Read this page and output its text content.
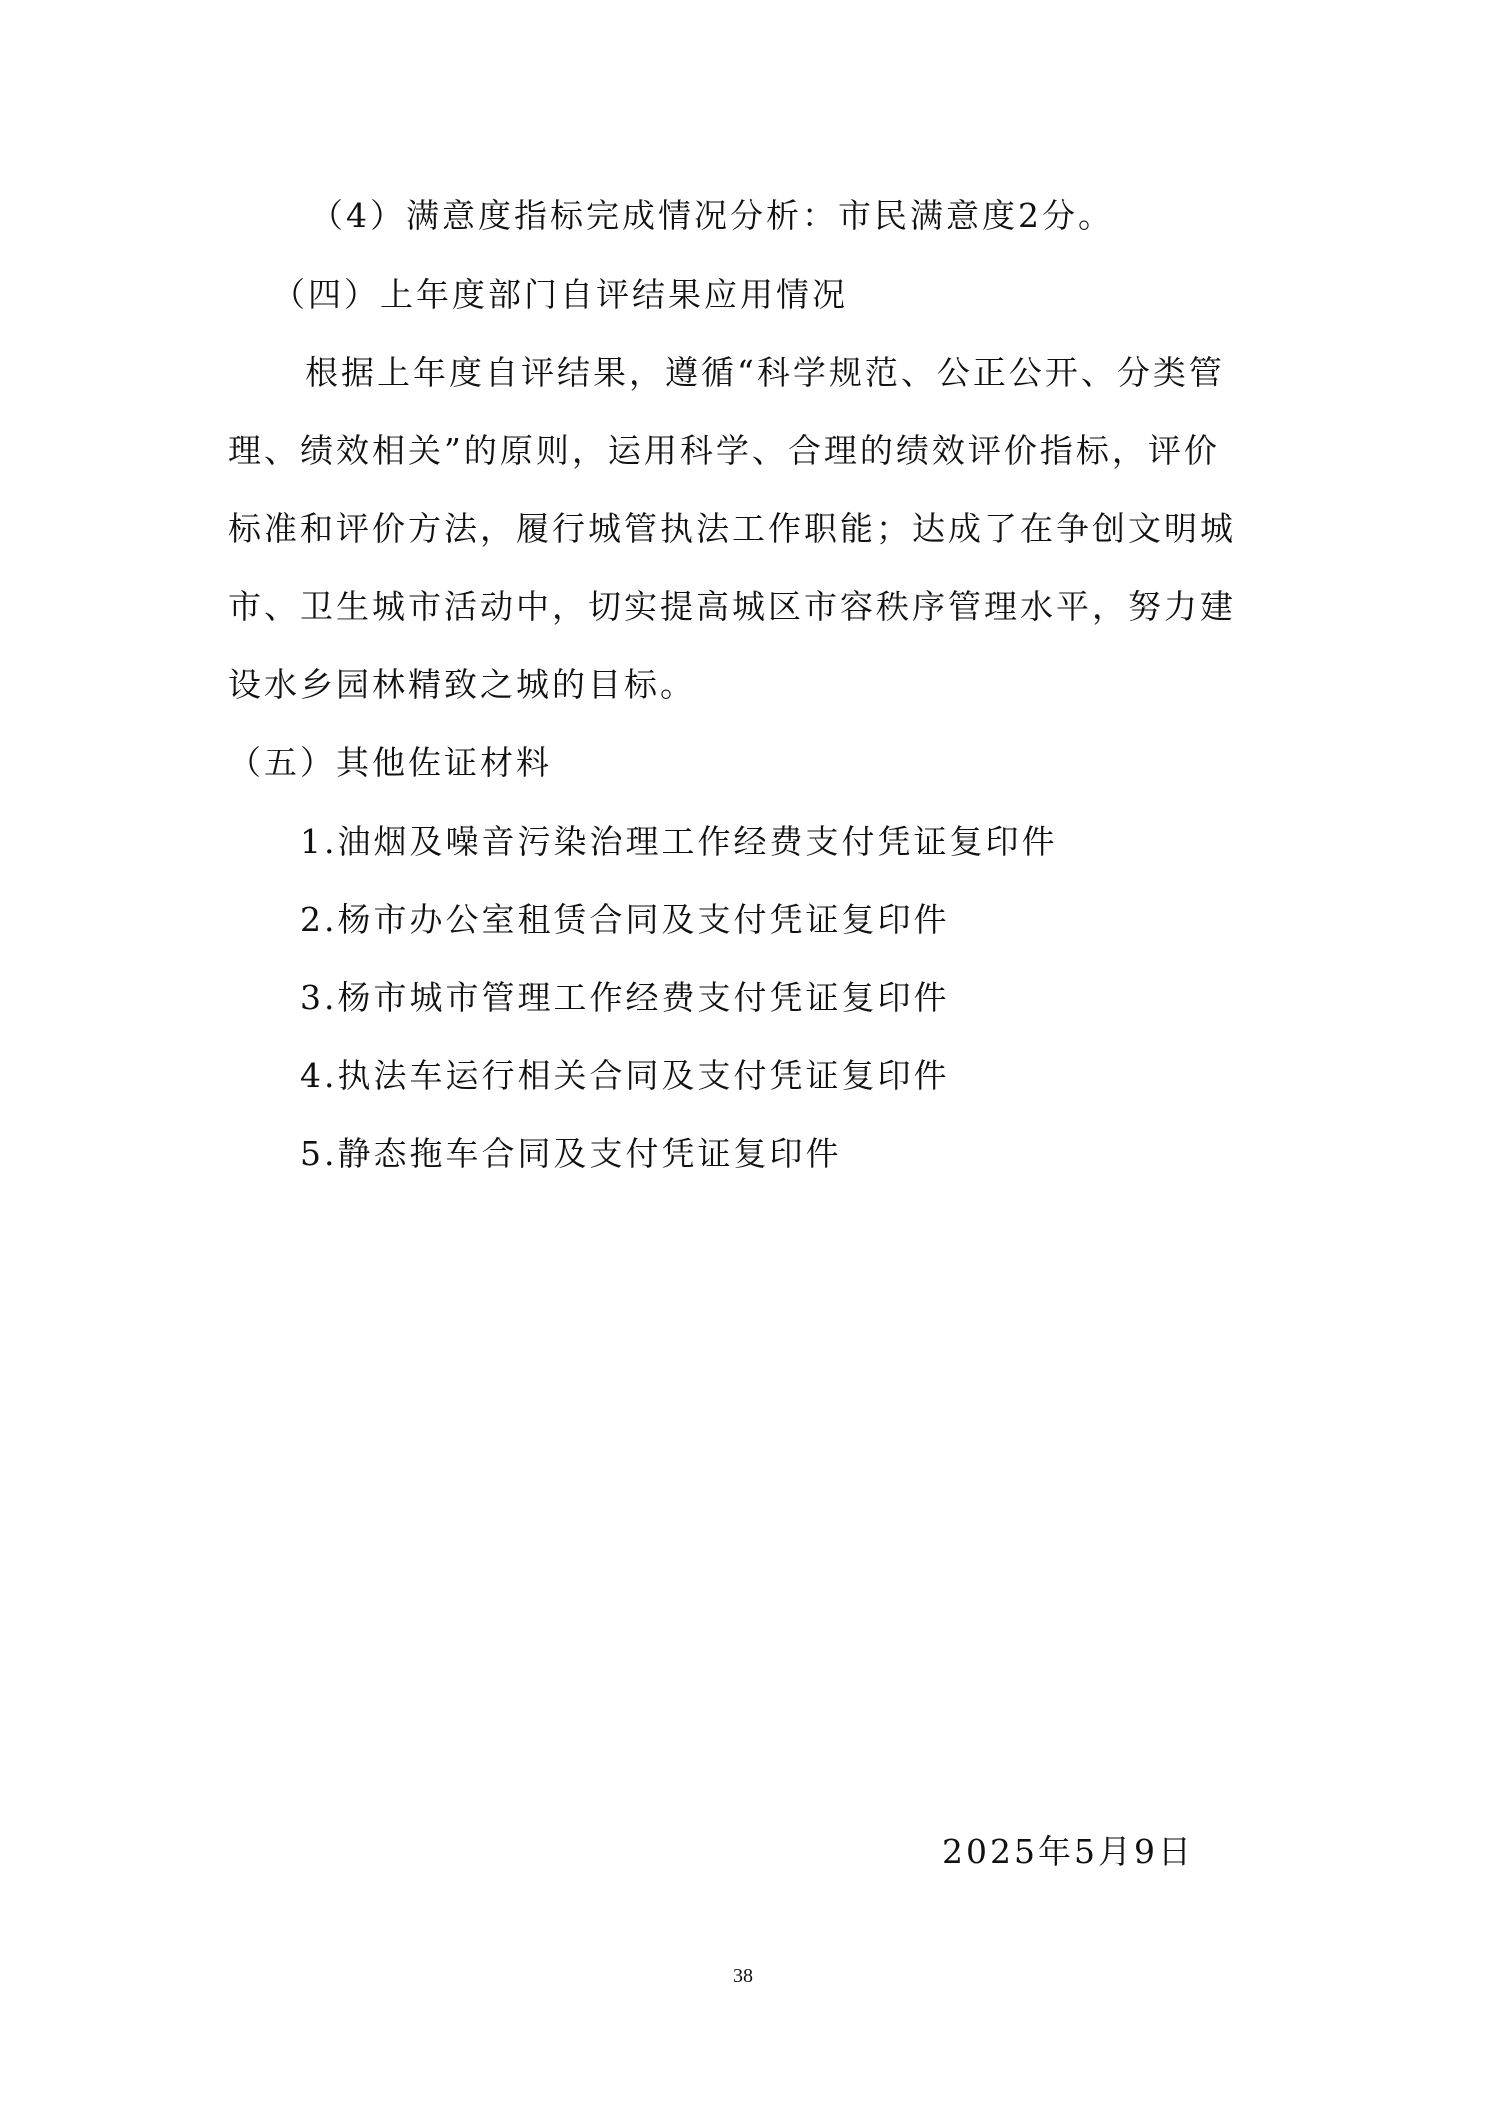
（4）满意度指标完成情况分析：市民满意度2分。
（四）上年度部门自评结果应用情况
根据上年度自评结果，遵循“科学规范、公正公开、分类管
理、绩效相关”的原则，运用科学、合理的绩效评价指标，评价
标准和评价方法，履行城管执法工作职能；达成了在争创文明城
市、卫生城市活动中，切实提高城区市容秩序管理水平，努力建
设水乡园林精致之城的目标。
（五）其他佐证材料
1.油烟及噪音污染治理工作经费支付凭证复印件
2.杨市办公室租赁合同及支付凭证复印件
3.杨市城市管理工作经费支付凭证复印件
4.执法车运行相关合同及支付凭证复印件
5.静态拖车合同及支付凭证复印件
2025年5月9日
38
